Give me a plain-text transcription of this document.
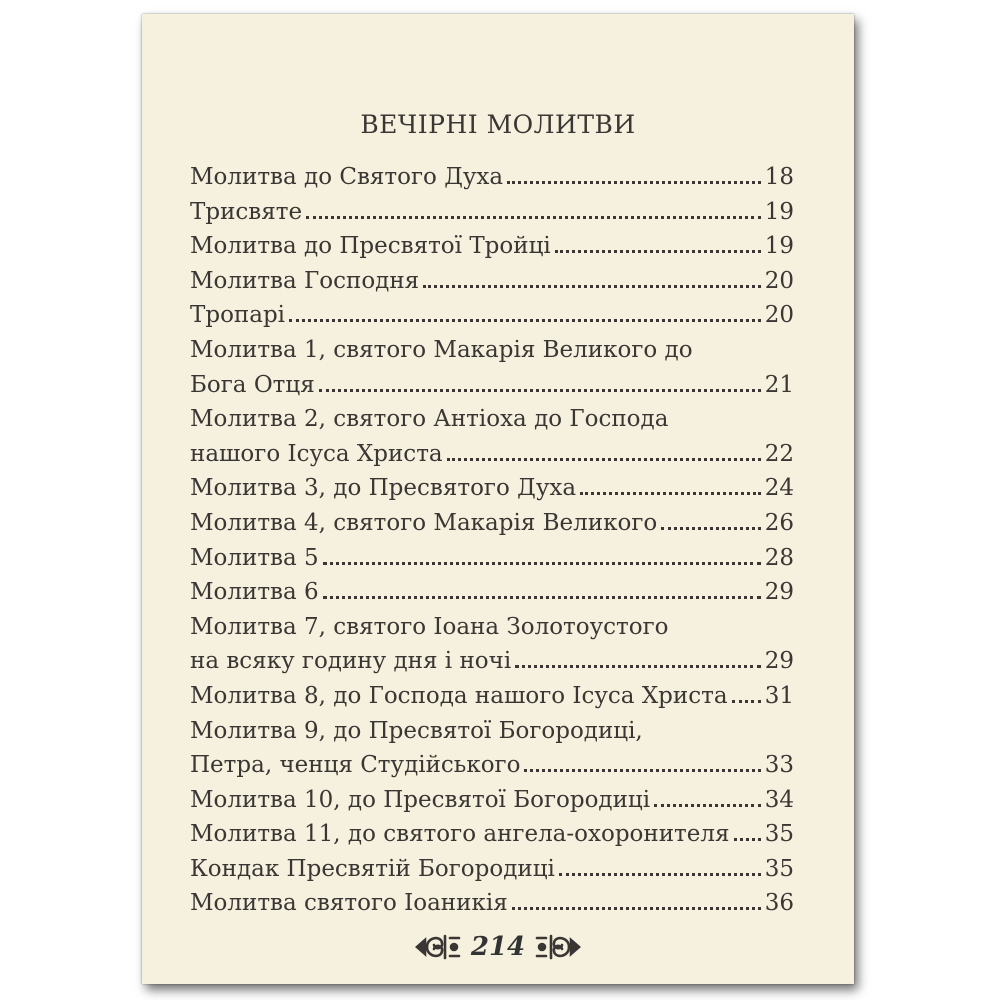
ВЕЧІРНІ МОЛИТВИ
Молитва до Святого Духа	18
Трисвяте	19
Молитва до Пресвятої Тройці	19
Молитва Господня	20
Тропарі	20
Молитва 1, святого Макарія Великого до
Бога Отця	21
Молитва 2, святого Антіоха до Господа
нашого Ісуса Христа	22
Молитва 3, до Пресвятого Духа	24
Молитва 4, святого Макарія Великого	26
Молитва 5	28
Молитва 6	29
Молитва 7, святого Іоана Золотоустого
на всяку годину дня і ночі	29
Молитва 8, до Господа нашого Ісуса Христа 31
Молитва 9, до Пресвятої Богородиці,
Петра, ченця Студійського	33
Молитва 10, до Пресвятої Богородиці	34
Молитва 11, до святого ангела-охоронителя 35
Кондак Пресвятій Богородиці	35
Молитва святого Іоаникія	36
214
